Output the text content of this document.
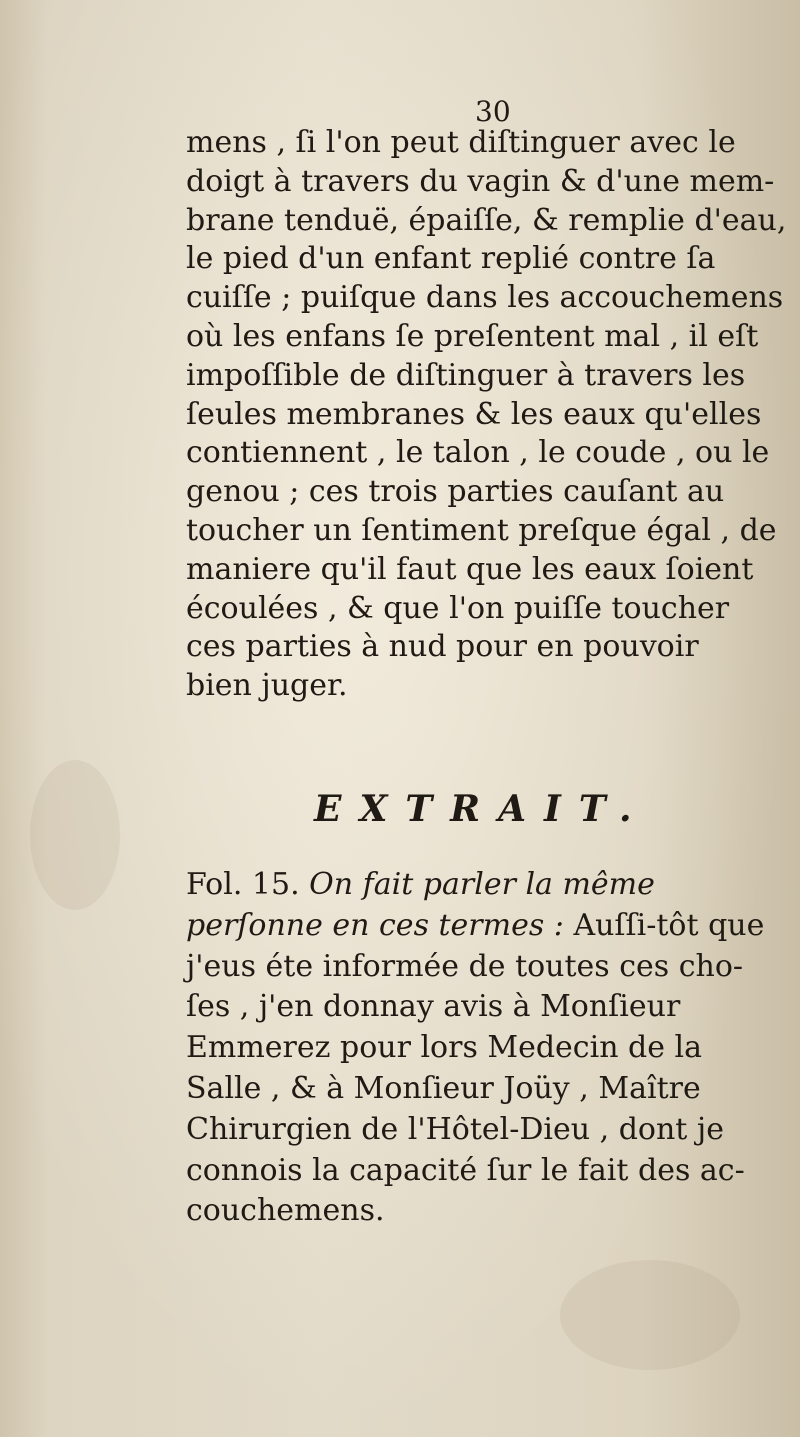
30
mens , ſi l'on peut diſtinguer avec le
doigt à travers du vagin & d'une mem-
brane tenduë, épaiſſe, & remplie d'eau,
le pied d'un enfant replié contre ſa
cuiſſe ; puiſque dans les accouchemens
où les enfans ſe preſentent mal , il eſt
impoſſible de diſtinguer à travers les
ſeules membranes & les eaux qu'elles
contiennent , le talon , le coude , ou le
genou ; ces trois parties cauſant au
toucher un ſentiment preſque égal , de
maniere qu'il faut que les eaux ſoient
écoulées , & que l'on puiſſe toucher
ces parties à nud pour en pouvoir
bien juger.
EXTRAIT.
Fol. 15. On fait parler la même
perſonne en ces termes : Auſſi-tôt que
j'eus éte informée de toutes ces cho-
ſes , j'en donnay avis à Monſieur
Emmerez pour lors Medecin de la
Salle , & à Monſieur Joüy , Maître
Chirurgien de l'Hôtel-Dieu , dont je
connois la capacité ſur le fait des ac-
couchemens.
